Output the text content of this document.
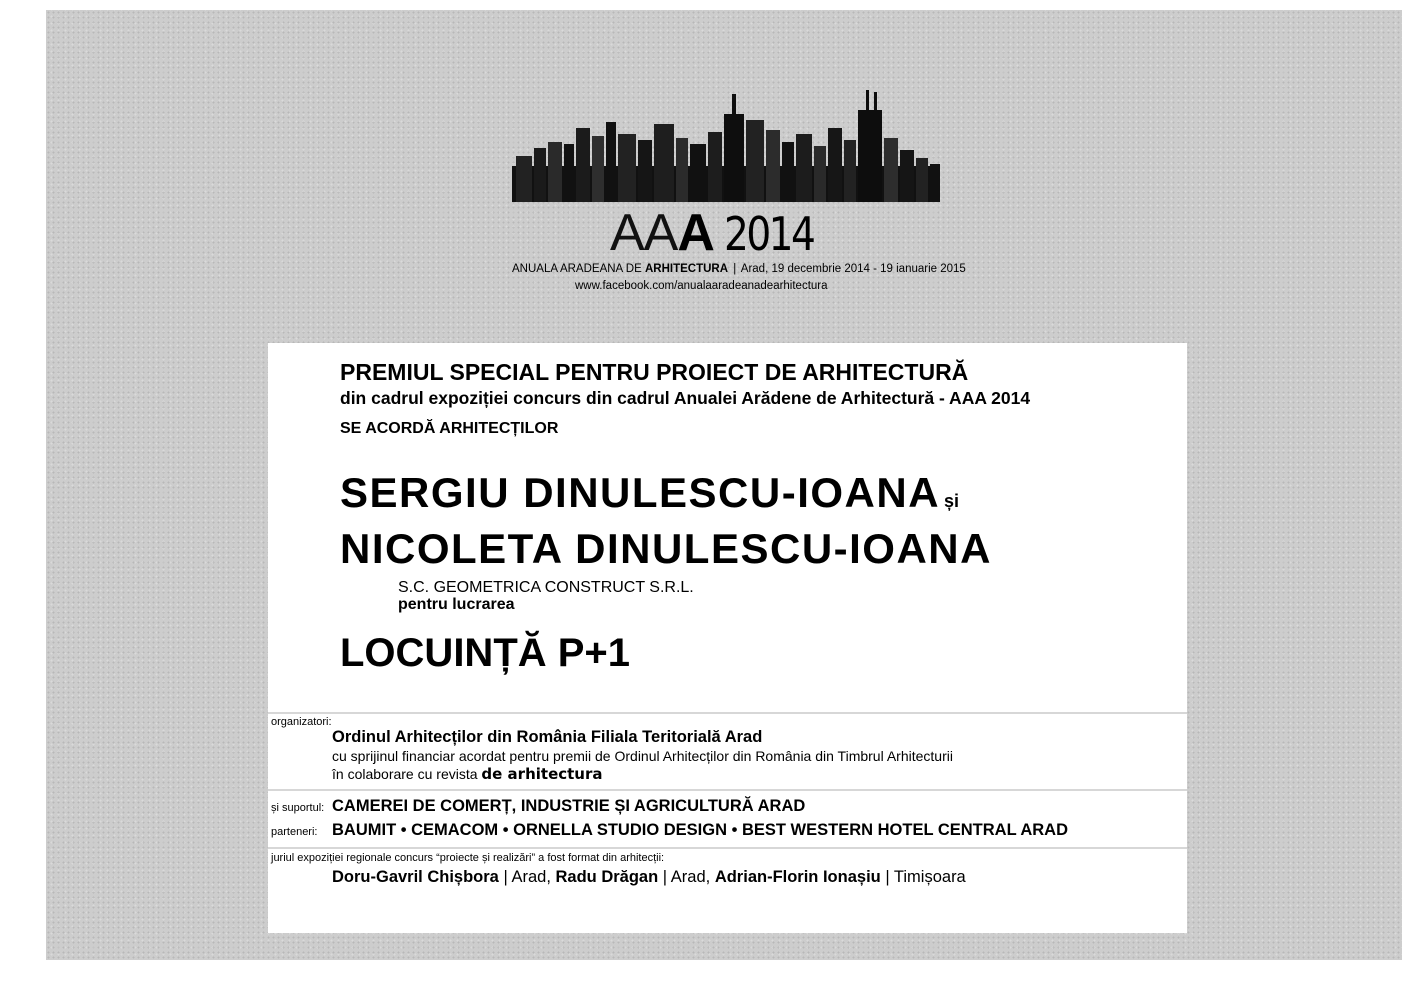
AAA 2014
ANUALA ARADEANA DE ARHITECTURA | Arad, 19 decembrie 2014 - 19 ianuarie 2015
www.facebook.com/anualaaradeanadearhitectura
PREMIUL SPECIAL PENTRU PROIECT DE ARHITECTURĂ
din cadrul expoziției concurs din cadrul Anualei Arădene de Arhitectură - AAA 2014
SE ACORDĂ ARHITECȚILOR
SERGIU DINULESCU-IOANA și
NICOLETA DINULESCU-IOANA
S.C. GEOMETRICA CONSTRUCT S.R.L.
pentru lucrarea
LOCUINȚĂ P+1
organizatori:
Ordinul Arhitecților din România Filiala Teritorială Arad
cu sprijinul financiar acordat pentru premii de Ordinul Arhitecților din România din Timbrul Arhitecturii
în colaborare cu revista de arhitectura
și suportul: CAMEREI DE COMERȚ, INDUSTRIE ȘI AGRICULTURĂ ARAD
parteneri: BAUMIT • CEMACOM • ORNELLA STUDIO DESIGN • BEST WESTERN HOTEL CENTRAL ARAD
juriul expoziției regionale concurs “proiecte și realizări” a fost format din arhitecții:
Doru-Gavril Chișbora | Arad, Radu Drăgan | Arad, Adrian-Florin Ionașiu | Timișoara
